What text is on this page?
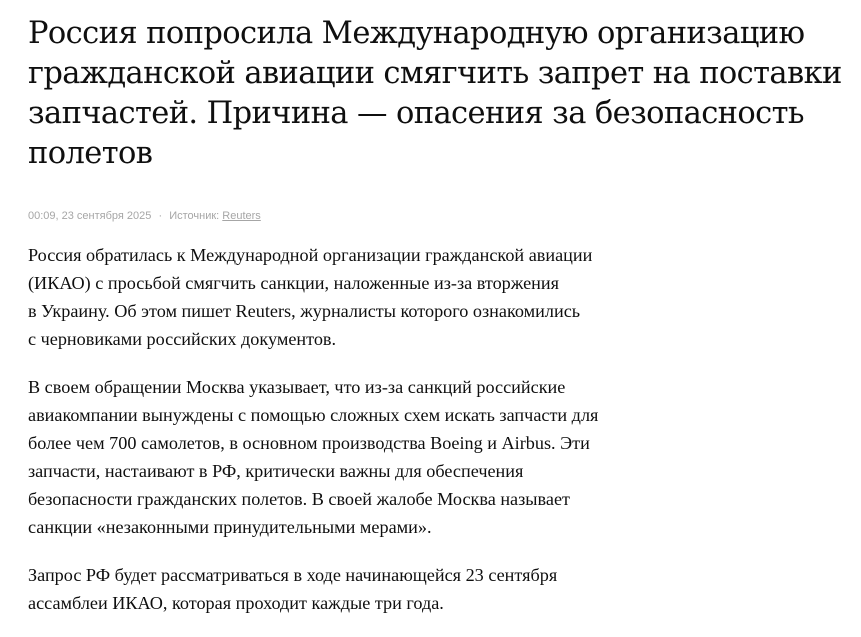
Россия попросила Международную организацию
гражданской авиации смягчить запрет на поставки
запчастей. Причина — опасения за безопасность
полетов
00:09, 23 сентября 2025 · Источник: Reuters

Россия обратилась к Международной организации гражданской авиации
(ИКАО) с просьбой смягчить санкции, наложенные из-за вторжения
в Украину. Об этом пишет Reuters, журналисты которого ознакомились
с черновиками российских документов.

В своем обращении Москва указывает, что из-за санкций российские
авиакомпании вынуждены с помощью сложных схем искать запчасти для
более чем 700 самолетов, в основном производства Boeing и Airbus. Эти
запчасти, настаивают в РФ, критически важны для обеспечения
безопасности гражданских полетов. В своей жалобе Москва называет
санкции «незаконными принудительными мерами».

Запрос РФ будет рассматриваться в ходе начинающейся 23 сентября
ассамблеи ИКАО, которая проходит каждые три года.
